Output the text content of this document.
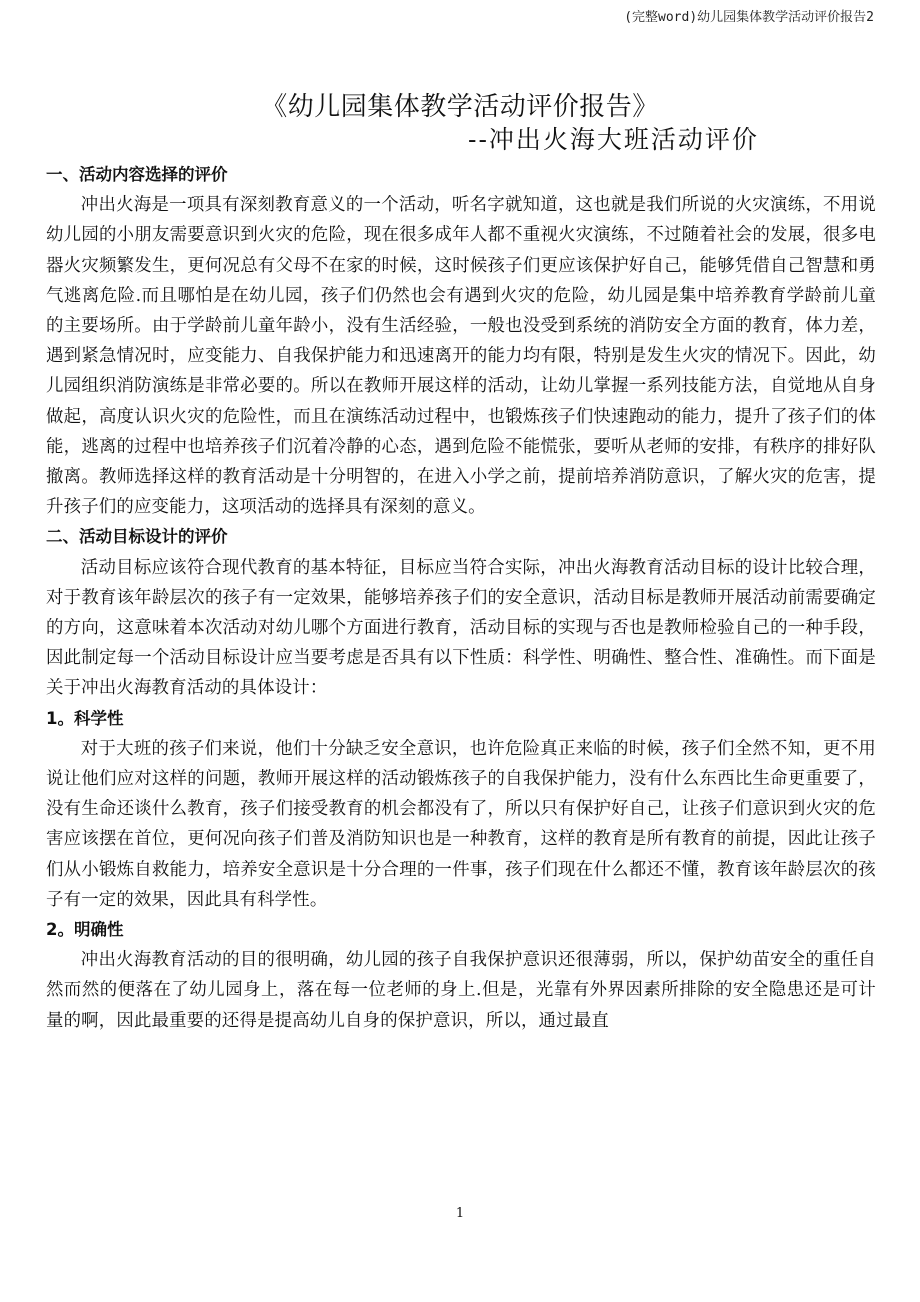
(完整word)幼儿园集体教学活动评价报告2
《幼儿园集体教学活动评价报告》
--冲出火海大班活动评价

一、活动内容选择的评价

冲出火海是一项具有深刻教育意义的一个活动，听名字就知道，这也就是我们所说的火灾演练，不用说幼儿园的小朋友需要意识到火灾的危险，现在很多成年人都不重视火灾演练，不过随着社会的发展，很多电器火灾频繁发生，更何况总有父母不在家的时候，这时候孩子们更应该保护好自己，能够凭借自己智慧和勇气逃离危险.而且哪怕是在幼儿园，孩子们仍然也会有遇到火灾的危险，幼儿园是集中培养教育学龄前儿童的主要场所。由于学龄前儿童年龄小，没有生活经验，一般也没受到系统的消防安全方面的教育，体力差，遇到紧急情况时，应变能力、自我保护能力和迅速离开的能力均有限，特别是发生火灾的情况下。因此，幼儿园组织消防演练是非常必要的。所以在教师开展这样的活动，让幼儿掌握一系列技能方法，自觉地从自身做起，高度认识火灾的危险性，而且在演练活动过程中，也锻炼孩子们快速跑动的能力，提升了孩子们的体能，逃离的过程中也培养孩子们沉着冷静的心态，遇到危险不能慌张，要听从老师的安排，有秩序的排好队撤离。教师选择这样的教育活动是十分明智的，在进入小学之前，提前培养消防意识，了解火灾的危害，提升孩子们的应变能力，这项活动的选择具有深刻的意义。

二、活动目标设计的评价

活动目标应该符合现代教育的基本特征，目标应当符合实际，冲出火海教育活动目标的设计比较合理，对于教育该年龄层次的孩子有一定效果，能够培养孩子们的安全意识，活动目标是教师开展活动前需要确定的方向，这意味着本次活动对幼儿哪个方面进行教育，活动目标的实现与否也是教师检验自己的一种手段，因此制定每一个活动目标设计应当要考虑是否具有以下性质：科学性、明确性、整合性、准确性。而下面是关于冲出火海教育活动的具体设计：

1。科学性

对于大班的孩子们来说，他们十分缺乏安全意识，也许危险真正来临的时候，孩子们全然不知，更不用说让他们应对这样的问题，教师开展这样的活动锻炼孩子的自我保护能力，没有什么东西比生命更重要了，没有生命还谈什么教育，孩子们接受教育的机会都没有了，所以只有保护好自己，让孩子们意识到火灾的危害应该摆在首位，更何况向孩子们普及消防知识也是一种教育，这样的教育是所有教育的前提，因此让孩子们从小锻炼自救能力，培养安全意识是十分合理的一件事，孩子们现在什么都还不懂，教育该年龄层次的孩子有一定的效果，因此具有科学性。

2。明确性

冲出火海教育活动的目的很明确，幼儿园的孩子自我保护意识还很薄弱，所以，保护幼苗安全的重任自然而然的便落在了幼儿园身上，落在每一位老师的身上.但是，光靠有外界因素所排除的安全隐患还是可计量的啊，因此最重要的还得是提高幼儿自身的保护意识，所以，通过最直

1
